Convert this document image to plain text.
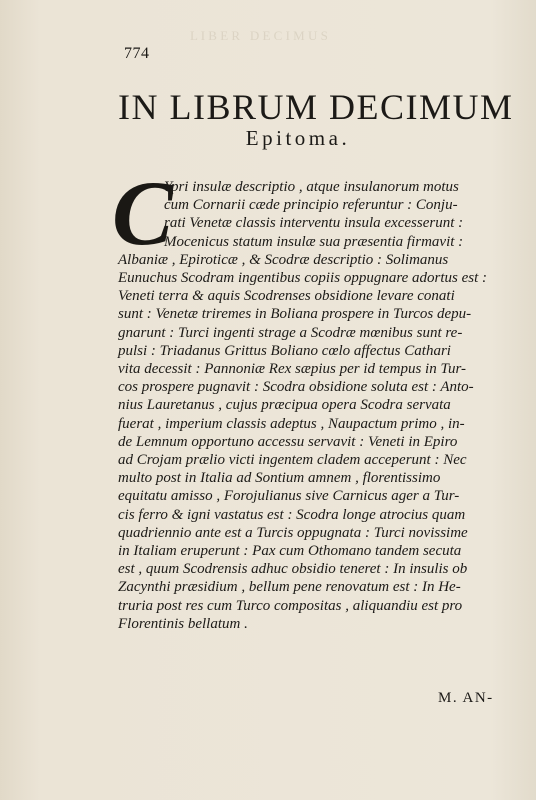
L I B E R   D E C I M U S
774
IN LIBRUM DECIMUM
Epitoma.
C
Ypri insulæ descriptio , atque insulanorum motus
cum Cornarii cæde principio referuntur : Conju-
rati Venetæ classis interventu insula excesserunt :
Mocenicus statum insulæ sua præsentia firmavit :
Albaniæ , Epiroticæ , & Scodræ descriptio : Solimanus
Eunuchus Scodram ingentibus copiis oppugnare adortus est :
Veneti terra & aquis Scodrenses obsidione levare conati
sunt : Venetæ triremes in Boliana prospere in Turcos depu-
gnarunt : Turci ingenti strage a Scodræ mœnibus sunt re-
pulsi : Triadanus Grittus Boliano cœlo affectus Cathari
vita decessit : Pannoniæ Rex sæpius per id tempus in Tur-
cos prospere pugnavit : Scodra obsidione soluta est : Anto-
nius Lauretanus , cujus præcipua opera Scodra servata
fuerat , imperium classis adeptus , Naupactum primo , in-
de Lemnum opportuno accessu servavit : Veneti in Epiro
ad Crojam prælio victi ingentem cladem acceperunt : Nec
multo post in Italia ad Sontium amnem , florentissimo
equitatu amisso , Forojulianus sive Carnicus ager a Tur-
cis ferro & igni vastatus est : Scodra longe atrocius quam
quadriennio ante est a Turcis oppugnata : Turci novissime
in Italiam eruperunt : Pax cum Othomano tandem secuta
est , quum Scodrensis adhuc obsidio teneret : In insulis ob
Zacynthi præsidium , bellum pene renovatum est : In He-
truria post res cum Turco compositas , aliquandiu est pro
Florentinis bellatum .
M. AN-
